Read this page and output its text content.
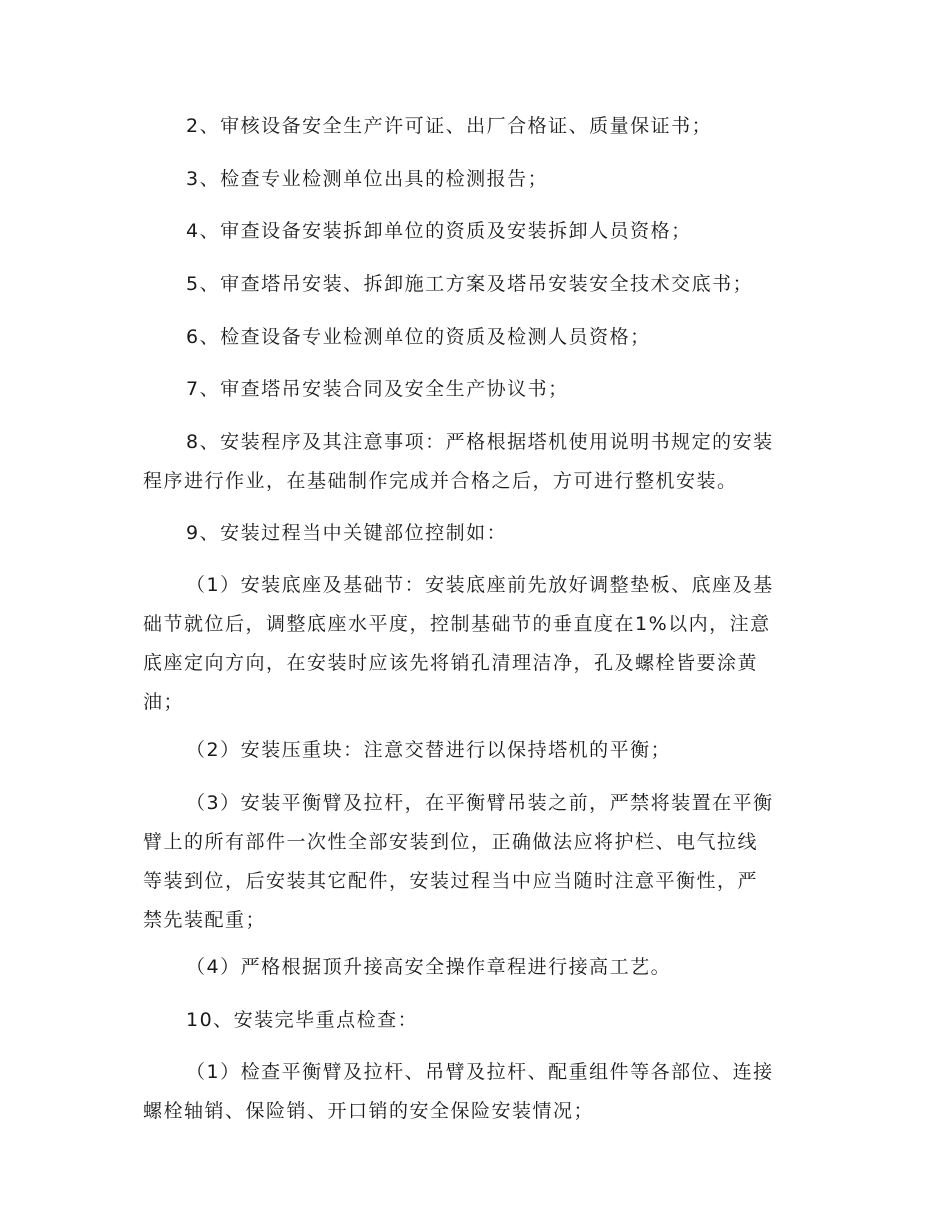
2、审核设备安全生产许可证、出厂合格证、质量保证书；

3、检查专业检测单位出具的检测报告；

4、审查设备安装拆卸单位的资质及安装拆卸人员资格；

5、审查塔吊安装、拆卸施工方案及塔吊安装安全技术交底书；

6、检查设备专业检测单位的资质及检测人员资格；

7、审查塔吊安装合同及安全生产协议书；

8、安装程序及其注意事项：严格根据塔机使用说明书规定的安装
程序进行作业，在基础制作完成并合格之后，方可进行整机安装。

9、安装过程当中关键部位控制如：

（1）安装底座及基础节：安装底座前先放好调整垫板、底座及基
础节就位后，调整底座水平度，控制基础节的垂直度在1%以内，注意
底座定向方向，在安装时应该先将销孔清理洁净，孔及螺栓皆要涂黄
油；

（2）安装压重块：注意交替进行以保持塔机的平衡；

（3）安装平衡臂及拉杆，在平衡臂吊装之前，严禁将装置在平衡
臂上的所有部件一次性全部安装到位，正确做法应将护栏、电气拉线
等装到位，后安装其它配件，安装过程当中应当随时注意平衡性，严
禁先装配重；

（4）严格根据顶升接高安全操作章程进行接高工艺。

10、安装完毕重点检查：

（1）检查平衡臂及拉杆、吊臂及拉杆、配重组件等各部位、连接
螺栓轴销、保险销、开口销的安全保险安装情况；
